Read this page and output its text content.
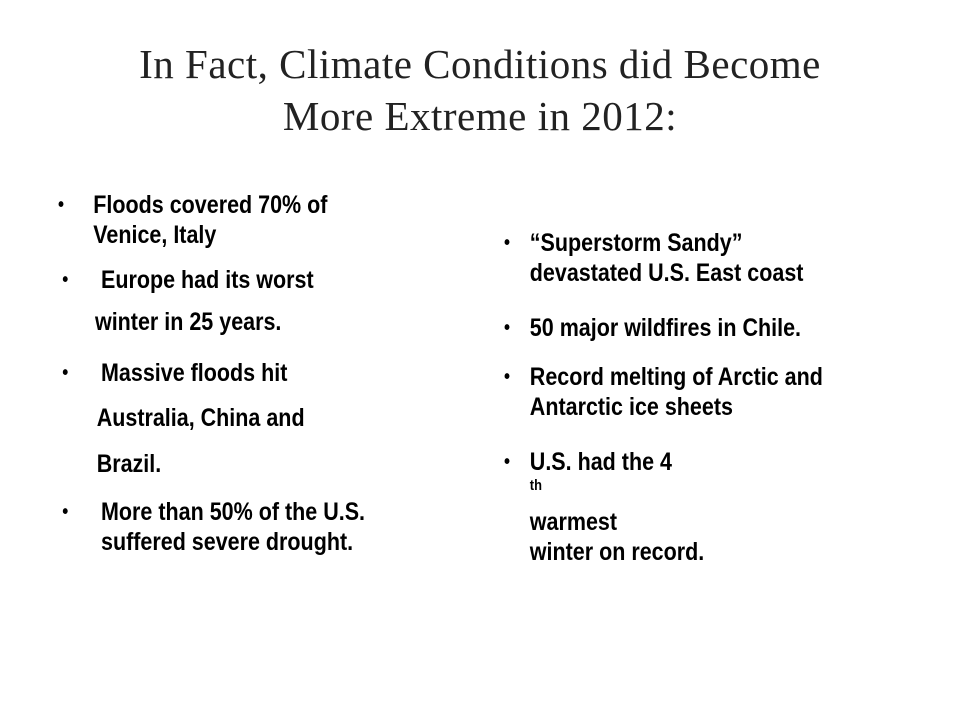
In Fact, Climate Conditions did Become
More Extreme in 2012:
• Floods covered 70% of
Venice, Italy
• Europe had its worst
winter in 25 years.
• Massive floods hit
Australia, China and
Brazil.
• More than 50% of the U.S.
suffered severe drought.
• “Superstorm Sandy”
devastated U.S. East coast
• 50 major wildfires in Chile.
• Record melting of Arctic and
Antarctic ice sheets
• U.S. had the 4
$^{th}$
warmest
winter on record.
